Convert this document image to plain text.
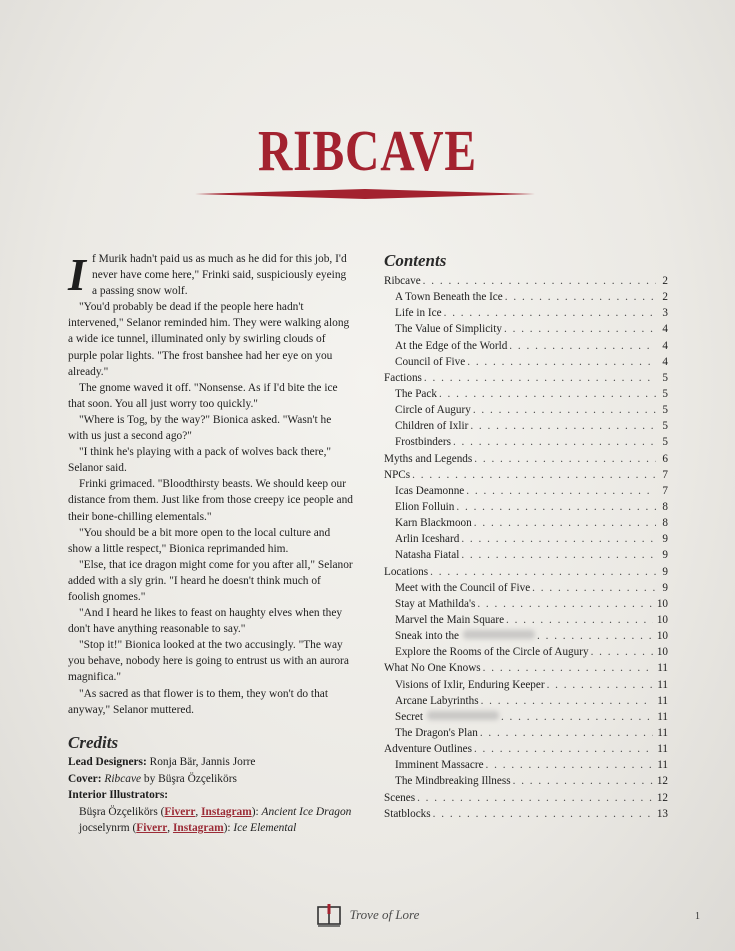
RIBCAVE
I f Murik hadn't paid us as much as he did for this job, I'd never have come here," Frinki said, suspiciously eyeing a passing snow wolf.

"You'd probably be dead if the people here hadn't intervened," Selanor reminded him. They were walking along a wide ice tunnel, illuminated only by swirling clouds of purple polar lights. "The frost banshee had her eye on you already."

The gnome waved it off. "Nonsense. As if I'd bite the ice that soon. You all just worry too quickly."

"Where is Tog, by the way?" Bionica asked. "Wasn't he with us just a second ago?"

"I think he's playing with a pack of wolves back there," Selanor said.

Frinki grimaced. "Bloodthirsty beasts. We should keep our distance from them. Just like from those creepy ice people and their bone-chilling elementals."

"You should be a bit more open to the local culture and show a little respect," Bionica reprimanded him.

"Else, that ice dragon might come for you after all," Selanor added with a sly grin. "I heard he doesn't think much of foolish gnomes."

"And I heard he likes to feast on haughty elves when they don't have anything reasonable to say."

"Stop it!" Bionica looked at the two accusingly. "The way you behave, nobody here is going to entrust us with an aurora magnifica."

"As sacred as that flower is to them, they won't do that anyway," Selanor muttered.

Credits

Lead Designers: Ronja Bär, Jannis Jorre

Cover: Ribcave by Büşra Özçelikörs

Interior Illustrators:

Büşra Özçelikörs (Fiverr, Instagram): Ancient Ice Dragon

jocselynrm (Fiverr, Instagram): Ice Elemental

Contents
Ribcave . . .	2
A Town Beneath the Ice . . .	2
Life in Ice . . .	3
The Value of Simplicity . . .	4
At the Edge of the World . . .	4
Council of Five . . .	4
Factions . . .	5
The Pack . . .	5
Circle of Augury . . .	5
Children of Ixlir . . .	5
Frostbinders . . .	5
Myths and Legends . . .	6
NPCs . . .	7
Icas Deamonne . . .	7
Elion Folluin . . .	8
Karn Blackmoon . . .	8
Arlin Iceshard . . .	9
Natasha Fiatal . . .	9
Locations . . .	9
Meet with the Council of Five . . .	9
Stay at Mathilda's . . .	10
Marvel the Main Square . . .	10
Sneak into the . . .	10
Explore the Rooms of the Circle of Augury . . .	10
What No One Knows . . .	11
Visions of Ixlir, Enduring Keeper . . .	11
Arcane Labyrinths . . .	11
Secret . . .	11
The Dragon's Plan . . .	11
Adventure Outlines . . .	11
Imminent Massacre . . .	11
The Mindbreaking Illness . . .	12
Scenes . . .	12
Statblocks . . .	13
Trove of Lore	1
